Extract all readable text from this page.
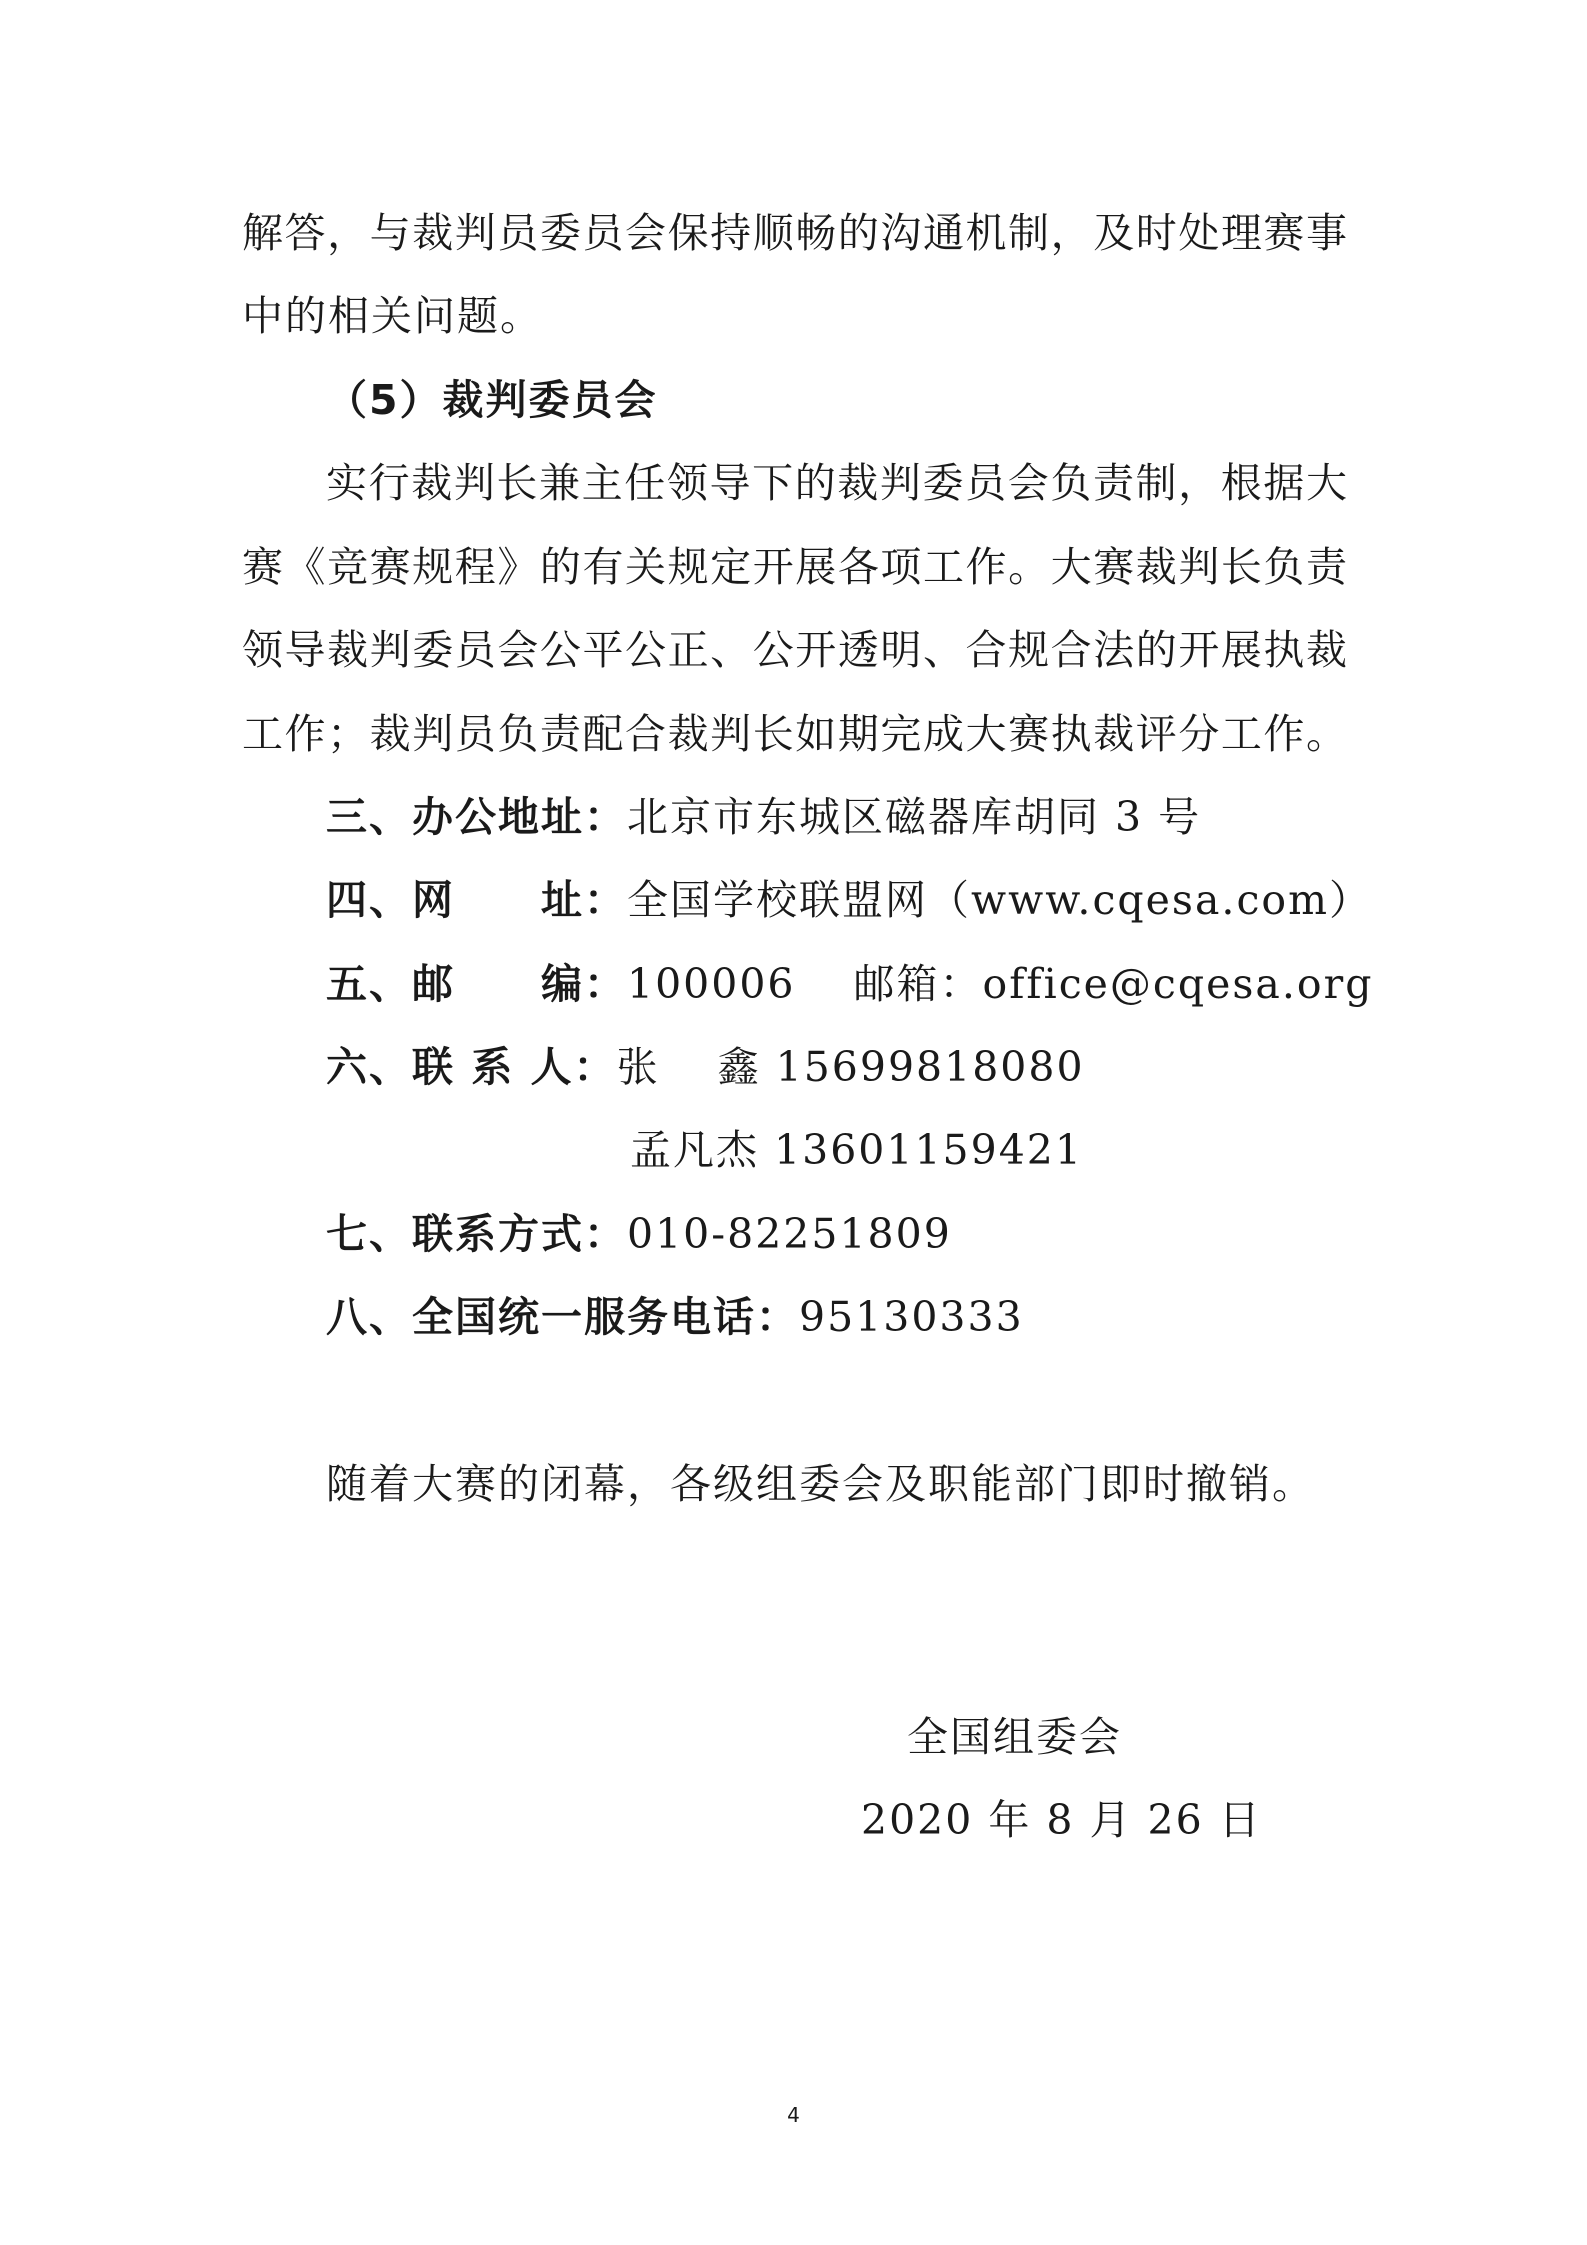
解答，与裁判员委员会保持顺畅的沟通机制，及时处理赛事
中的相关问题。
（5）裁判委员会
实行裁判长兼主任领导下的裁判委员会负责制，根据大
赛《竞赛规程》的有关规定开展各项工作。大赛裁判长负责
领导裁判委员会公平公正、公开透明、合规合法的开展执裁
工作；裁判员负责配合裁判长如期完成大赛执裁评分工作。
三、办公地址：北京市东城区磁器库胡同 3 号
四、网　　址：全国学校联盟网（www.cqesa.com）
五、邮　　编：100006　 邮箱：office@cqesa.org
六、联 系 人：张　 鑫 15699818080
孟凡杰 13601159421
七、联系方式：010-82251809
八、全国统一服务电话：95130333
随着大赛的闭幕，各级组委会及职能部门即时撤销。
全国组委会
2020 年 8 月 26 日
4
